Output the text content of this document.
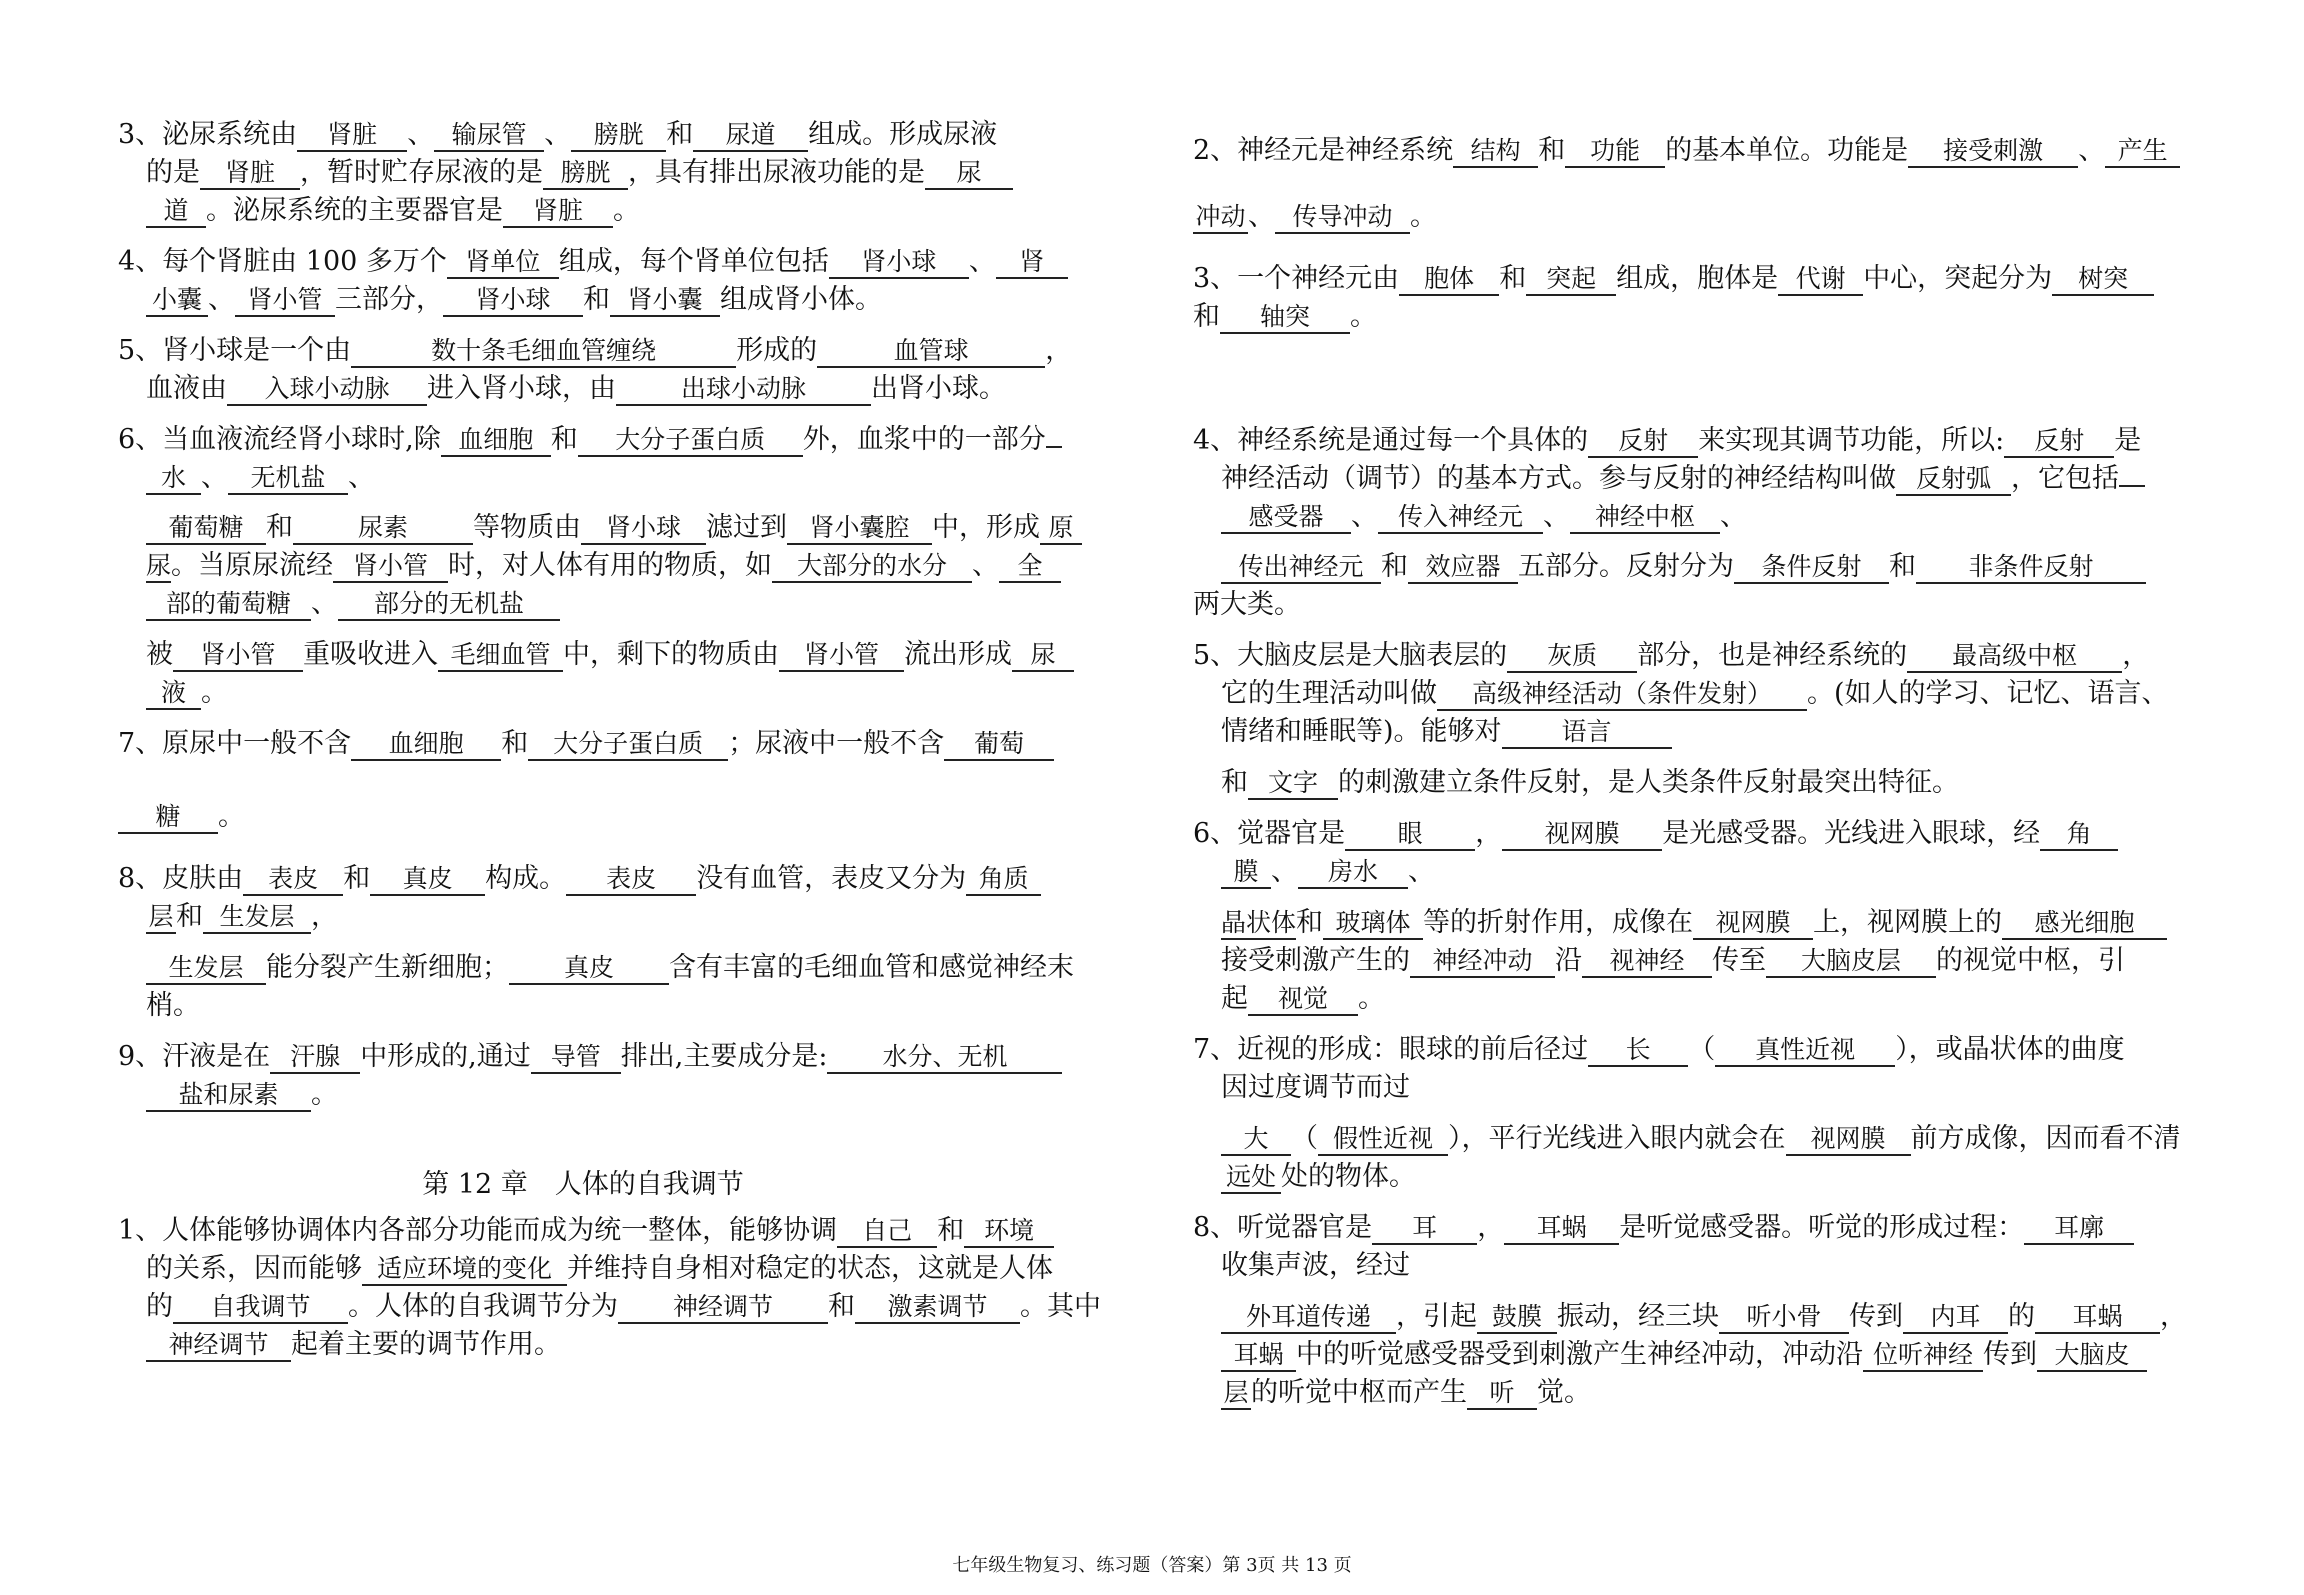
3、泌尿系统由 肾脏 、 输尿管 、 膀胱 和 尿道 组成。形成尿液
的是 肾脏 ，暂时贮存尿液的是 膀胱 ，具有排出尿液功能的是 尿
道 。泌尿系统的主要器官是 肾脏 。
4、每个肾脏由 100 多万个 肾单位 组成，每个肾单位包括 肾小球 、 肾
小囊 、 肾小管 三部分， 肾小球 和 肾小囊 组成肾小体。
5、肾小球是一个由	数十条毛细血管缠绕	形成的	血管球	，
血液由 入球小动脉 进入肾小球，由	出球小动脉 出肾小球。
6、当血液流经肾小球时,除 血细胞 和 大分子蛋白质 外，血浆中的一部分
水 、 无机盐 、
葡萄糖 和	尿素 等物质由 肾小球 滤过到 肾小囊腔 中，形成 原
尿。当原尿流经 肾小管 时，对人体有用的物质，如 大部分的水分 、 全
部的葡萄糖 、 部分的无机盐
被 肾小管 重吸收进入 毛细血管 中，剩下的物质由 肾小管 流出形成 尿
液 。
7、原尿中一般不含 血细胞 和 大分子蛋白质 ；尿液中一般不含 葡萄
糖 。
8、皮肤由 表皮 和 真皮 构成。 表皮 没有血管，表皮又分为 角质
层和 生发层 ，
生发层 能分裂产生新细胞； 真皮 含有丰富的毛细血管和感觉神经末
梢。
9、汗液是在 汗腺 中形成的,通过 导管 排出,主要成分是: 水分、无机
盐和尿素 。
1、人体能够协调体内各部分功能而成为统一整体，能够协调 自己 和 环境
的关系，因而能够 适应环境的变化 并维持自身相对稳定的状态，这就是人体
的 自我调节 。人体的自我调节分为 神经调节 和 激素调节 。其中
神经调节 起着主要的调节作用。
第 12 章　人体的自我调节
2、神经元是神经系统 结构 和 功能 的基本单位。功能是 接受刺激 、 产生
冲动、 传导冲动 。
3、一个神经元由 胞体 和 突起 组成，胞体是 代谢 中心，突起分为 树突
和 轴突 。
4、神经系统是通过每一个具体的 反射 来实现其调节功能，所以: 反射 是
神经活动（调节）的基本方式。参与反射的神经结构叫做 反射弧 ，它包括
感受器 、 传入神经元 、 神经中枢 、
传出神经元 和 效应器 五部分。反射分为 条件反射 和 非条件反射
两大类。
5、大脑皮层是大脑表层的 灰质 部分，也是神经系统的 最高级中枢 ，
它的生理活动叫做 高级神经活动（条件发射） 。(如人的学习、记忆、语言、
情绪和睡眠等)。能够对 语言
和 文字 的刺激建立条件反射，是人类条件反射最突出特征。
6、觉器官是 眼 ， 视网膜 是光感受器。光线进入眼球，经 角
膜 、 房水 、
晶状体和 玻璃体 等的折射作用，成像在 视网膜 上，视网膜上的 感光细胞
接受刺激产生的 神经冲动 沿 视神经 传至 大脑皮层 的视觉中枢，引
起 视觉 。
7、近视的形成：眼球的前后径过 长 （ 真性近视 ），或晶状体的曲度
因过度调节而过
大 （ 假性近视 ），平行光线进入眼内就会在 视网膜 前方成像，因而看不清
远处 处的物体。
8、听觉器官是 耳 ， 耳蜗 是听觉感受器。听觉的形成过程： 耳廓
收集声波，经过
外耳道传递 ，引起 鼓膜 振动，经三块 听小骨 传到 内耳 的 耳蜗 ，
耳蜗 中的听觉感受器受到刺激产生神经冲动，冲动沿 位听神经 传到 大脑皮
层的听觉中枢而产生 听 觉。
七年级生物复习、练习题（答案）第 3页 共 13 页
